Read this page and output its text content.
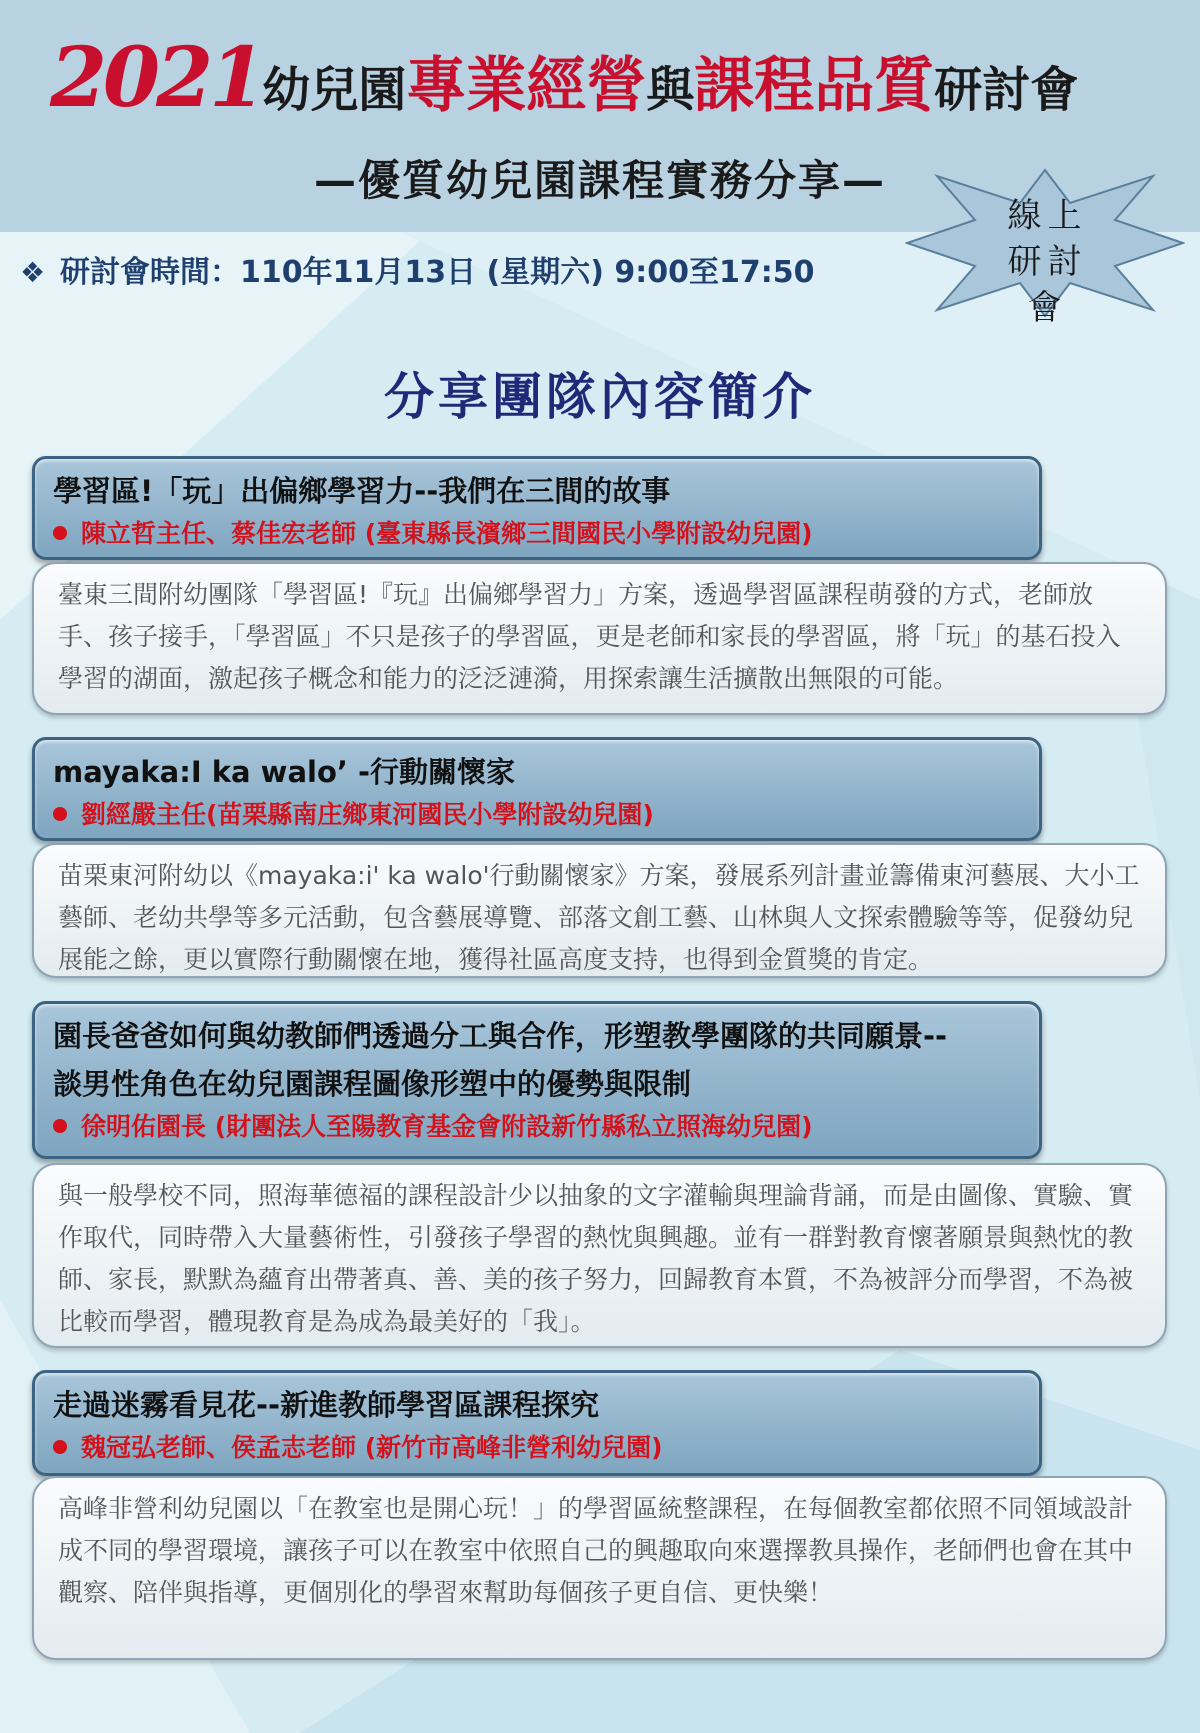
2021幼兒園專業經營與課程品質研討會
—優質幼兒園課程實務分享—
線上
研討會
❖ 研討會時間：110年11月13日 (星期六) 9:00至17:50
分享團隊內容簡介
學習區!「玩」出偏鄉學習力--我們在三間的故事
陳立哲主任、蔡佳宏老師 (臺東縣長濱鄉三間國民小學附設幼兒園)
臺東三間附幼團隊「學習區!『玩』出偏鄉學習力」方案，透過學習區課程萌發的方式，老師放手、孩子接手，「學習區」不只是孩子的學習區，更是老師和家長的學習區，將「玩」的基石投入學習的湖面，激起孩子概念和能力的泛泛漣漪，用探索讓生活擴散出無限的可能。
mayaka:I ka walo’ -行動關懷家
劉經嚴主任(苗栗縣南庄鄉東河國民小學附設幼兒園)
苗栗東河附幼以《mayaka:i' ka walo'行動關懷家》方案，發展系列計畫並籌備東河藝展、大小工藝師、老幼共學等多元活動，包含藝展導覽、部落文創工藝、山林與人文探索體驗等等，促發幼兒展能之餘，更以實際行動關懷在地，獲得社區高度支持，也得到金質獎的肯定。
園長爸爸如何與幼教師們透過分工與合作，形塑教學團隊的共同願景--
談男性角色在幼兒園課程圖像形塑中的優勢與限制
徐明佑園長 (財團法人至陽教育基金會附設新竹縣私立照海幼兒園)
與一般學校不同，照海華德福的課程設計少以抽象的文字灌輸與理論背誦，而是由圖像、實驗、實作取代，同時帶入大量藝術性，引發孩子學習的熱忱與興趣。並有一群對教育懷著願景與熱忱的教師、家長，默默為蘊育出帶著真、善、美的孩子努力，回歸教育本質，不為被評分而學習，不為被比較而學習，體現教育是為成為最美好的「我」。
走過迷霧看見花--新進教師學習區課程探究
魏冠弘老師、侯孟志老師 (新竹市高峰非營利幼兒園)
高峰非營利幼兒園以「在教室也是開心玩！」的學習區統整課程，在每個教室都依照不同領域設計成不同的學習環境，讓孩子可以在教室中依照自己的興趣取向來選擇教具操作，老師們也會在其中觀察、陪伴與指導，更個別化的學習來幫助每個孩子更自信、更快樂！
